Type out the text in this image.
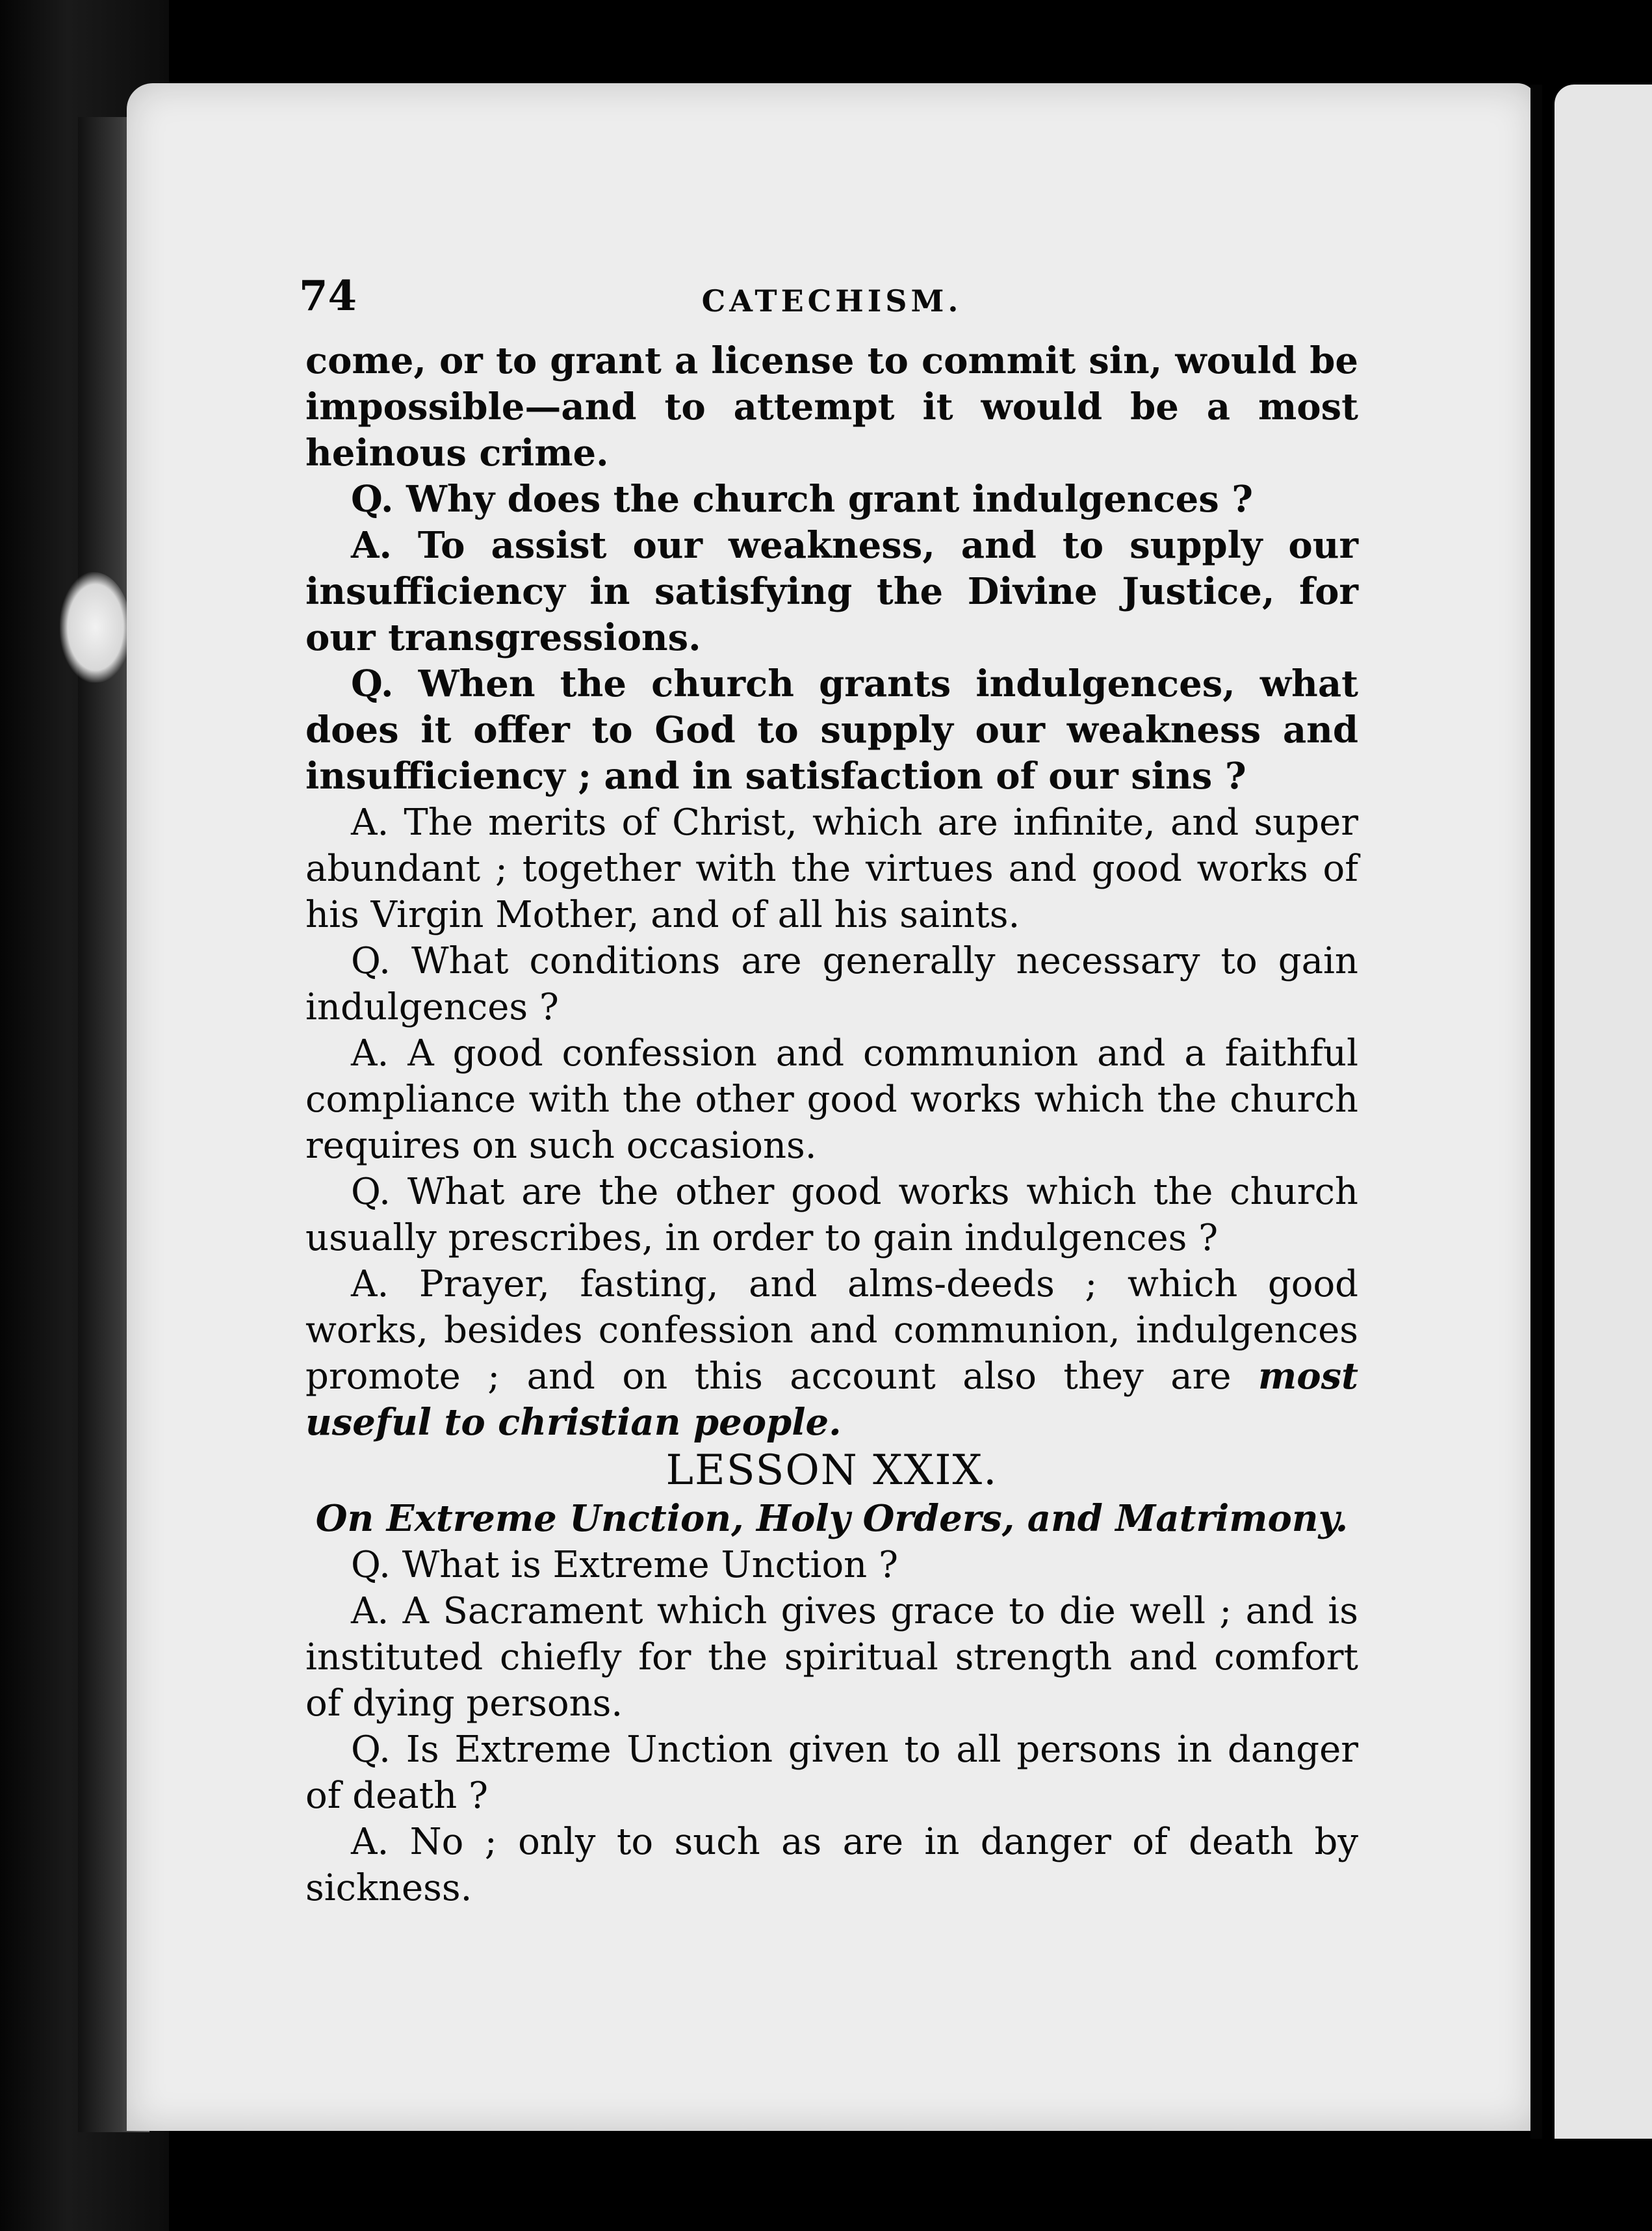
74	CATECHISM.

come, or to grant a license to commit sin, would be impossible—and to attempt it would be a most heinous crime.

Q. Why does the church grant indulgences ?

A. To assist our weakness, and to supply our insufficiency in satisfying the Divine Justice, for our transgressions.

Q. When the church grants indulgences, what does it offer to God to supply our weakness and insufficiency ; and in satisfaction of our sins ?

A. The merits of Christ, which are infinite, and super abundant ; together with the virtues and good works of his Virgin Mother, and of all his saints.

Q. What conditions are generally necessary to gain indulgences ?

A. A good confession and communion and a faithful compliance with the other good works which the church requires on such occasions.

Q. What are the other good works which the church usually prescribes, in order to gain indulgences ?

A. Prayer, fasting, and alms-deeds ; which good works, besides confession and communion, indulgences promote ; and on this account also they are most useful to christian people.

LESSON XXIX.

On Extreme Unction, Holy Orders, and Matrimony.

Q. What is Extreme Unction ?

A. A Sacrament which gives grace to die well ; and is instituted chiefly for the spiritual strength and comfort of dying persons.

Q. Is Extreme Unction given to all persons in danger of death ?

A. No ; only to such as are in danger of death by sickness.
